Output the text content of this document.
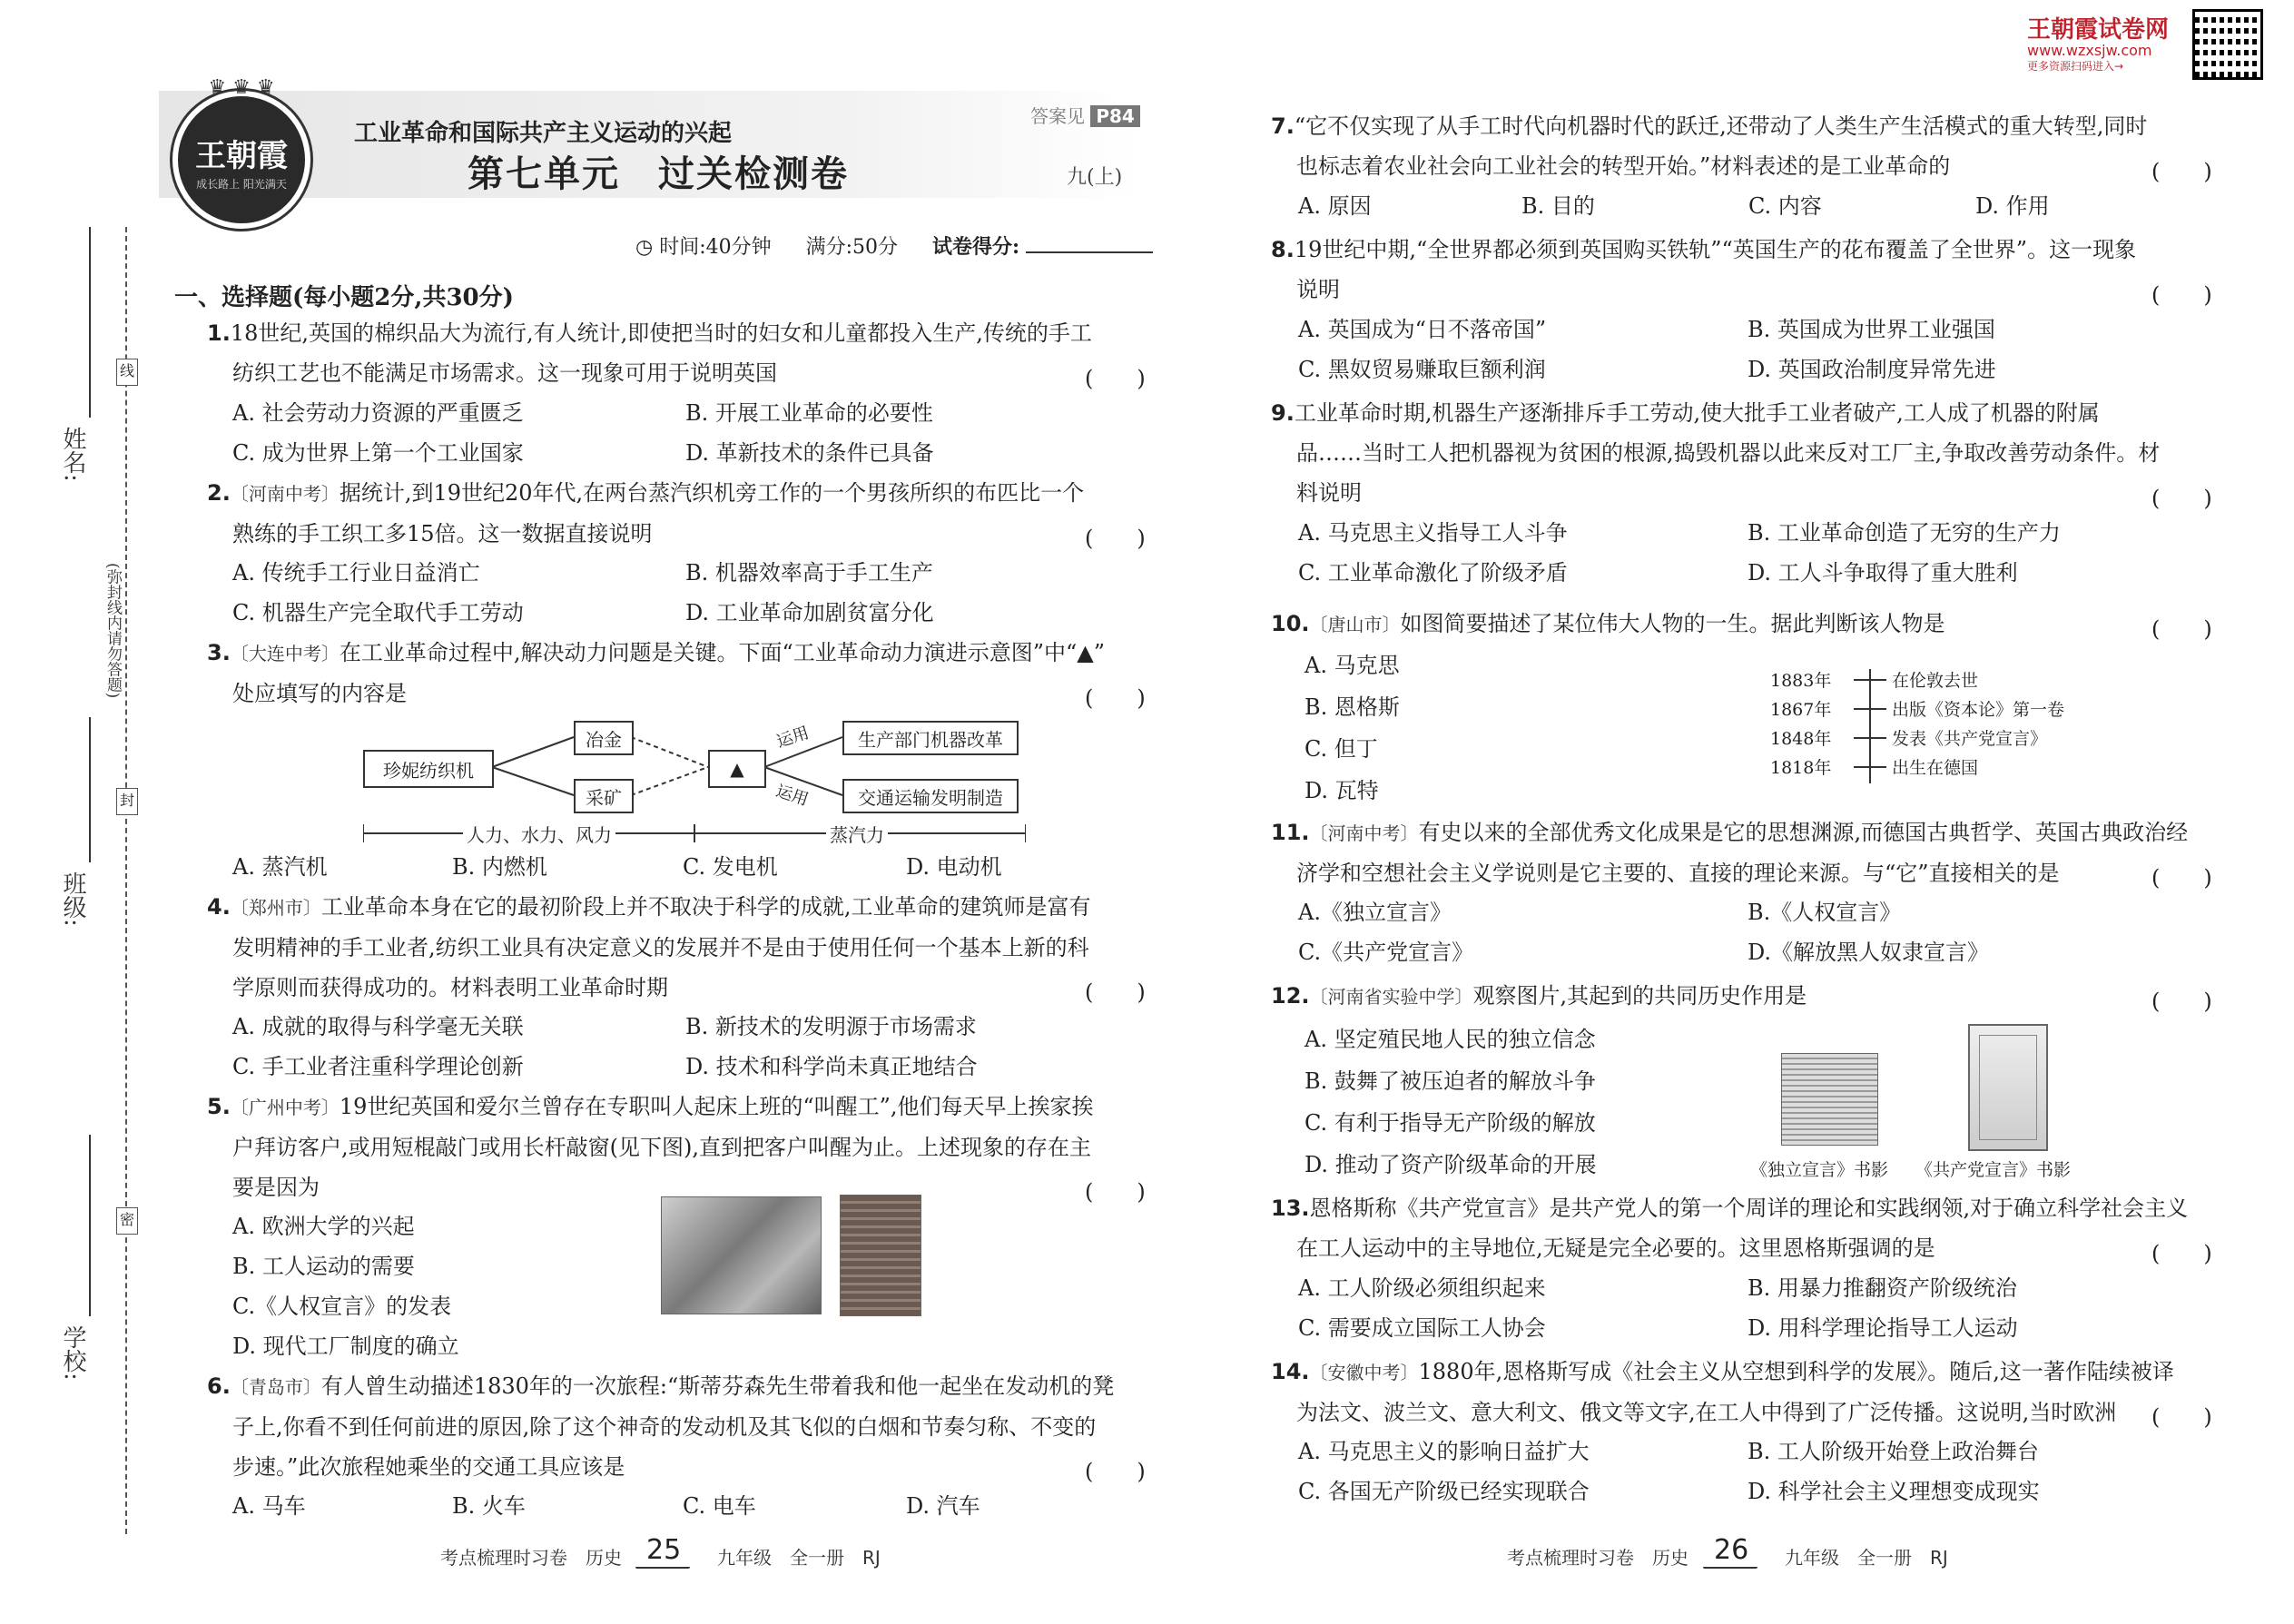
姓名:
班级:
学校:
线
(弥封线内请勿答题)
封
密
♛ ♛ ♛
王朝霞
成长路上 阳光满天
工业革命和国际共产主义运动的兴起
第七单元　过关检测卷
答案见 P84
九(上)
◷ 时间:40分钟 满分:50分 试卷得分:
王朝霞试卷网
www.wzxsjw.com
更多资源扫码进入→
一、选择题(每小题2分,共30分)
1.18世纪,英国的棉织品大为流行,有人统计,即使把当时的妇女和儿童都投入生产,传统的手工
纺织工艺也不能满足市场需求。这一现象可用于说明英国	(　　)
A. 社会劳动力资源的严重匮乏	B. 开展工业革命的必要性
C. 成为世界上第一个工业国家	D. 革新技术的条件已具备
2.〔河南中考〕据统计,到19世纪20年代,在两台蒸汽织机旁工作的一个男孩所织的布匹比一个
熟练的手工织工多15倍。这一数据直接说明	(　　)
A. 传统手工行业日益消亡	B. 机器效率高于手工生产
C. 机器生产完全取代手工劳动	D. 工业革命加剧贫富分化
3.〔大连中考〕在工业革命过程中,解决动力问题是关键。下面“工业革命动力演进示意图”中“▲”
处应填写的内容是	(　　)
珍妮纺织机
冶金
采矿
▲
生产部门机器改革
交通运输发明制造
运用
运用
人力、水力、风力	蒸汽力
A. 蒸汽机	B. 内燃机	C. 发电机	D. 电动机
4.〔郑州市〕工业革命本身在它的最初阶段上并不取决于科学的成就,工业革命的建筑师是富有
发明精神的手工业者,纺织工业具有决定意义的发展并不是由于使用任何一个基本上新的科
学原则而获得成功的。材料表明工业革命时期	(　　)
A. 成就的取得与科学毫无关联	B. 新技术的发明源于市场需求
C. 手工业者注重科学理论创新	D. 技术和科学尚未真正地结合
5.〔广州中考〕19世纪英国和爱尔兰曾存在专职叫人起床上班的“叫醒工”,他们每天早上挨家挨
户拜访客户,或用短棍敲门或用长杆敲窗(见下图),直到把客户叫醒为止。上述现象的存在主
要是因为	(　　)
A. 欧洲大学的兴起
B. 工人运动的需要
C.《人权宣言》的发表
D. 现代工厂制度的确立
6.〔青岛市〕有人曾生动描述1830年的一次旅程:“斯蒂芬森先生带着我和他一起坐在发动机的凳
子上,你看不到任何前进的原因,除了这个神奇的发动机及其飞似的白烟和节奏匀称、不变的
步速。”此次旅程她乘坐的交通工具应该是	(　　)
A. 马车	B. 火车	C. 电车	D. 汽车
考点梳理时习卷　历史 25 九年级　全一册　RJ
7.“它不仅实现了从手工时代向机器时代的跃迁,还带动了人类生产生活模式的重大转型,同时
也标志着农业社会向工业社会的转型开始。”材料表述的是工业革命的	(　　)
A. 原因	B. 目的	C. 内容	D. 作用
8.19世纪中期,“全世界都必须到英国购买铁轨”“英国生产的花布覆盖了全世界”。这一现象
说明	(　　)
A. 英国成为“日不落帝国”	B. 英国成为世界工业强国
C. 黑奴贸易赚取巨额利润	D. 英国政治制度异常先进
9.工业革命时期,机器生产逐渐排斥手工劳动,使大批手工业者破产,工人成了机器的附属
品……当时工人把机器视为贫困的根源,捣毁机器以此来反对工厂主,争取改善劳动条件。材
料说明	(　　)
A. 马克思主义指导工人斗争	B. 工业革命创造了无穷的生产力
C. 工业革命激化了阶级矛盾	D. 工人斗争取得了重大胜利
10.〔唐山市〕如图简要描述了某位伟大人物的一生。据此判断该人物是	(　　)
A. 马克思
B. 恩格斯
C. 但丁
D. 瓦特
1883年	在伦敦去世
1867年	出版《资本论》第一卷
1848年	发表《共产党宣言》
1818年	出生在德国
11.〔河南中考〕有史以来的全部优秀文化成果是它的思想渊源,而德国古典哲学、英国古典政治经
济学和空想社会主义学说则是它主要的、直接的理论来源。与“它”直接相关的是	(　　)
A.《独立宣言》	B.《人权宣言》
C.《共产党宣言》	D.《解放黑人奴隶宣言》
12.〔河南省实验中学〕观察图片,其起到的共同历史作用是	(　　)
A. 坚定殖民地人民的独立信念
B. 鼓舞了被压迫者的解放斗争
C. 有利于指导无产阶级的解放
D. 推动了资产阶级革命的开展	《独立宣言》书影 《共产党宣言》书影
13.恩格斯称《共产党宣言》是共产党人的第一个周详的理论和实践纲领,对于确立科学社会主义
在工人运动中的主导地位,无疑是完全必要的。这里恩格斯强调的是	(　　)
A. 工人阶级必须组织起来	B. 用暴力推翻资产阶级统治
C. 需要成立国际工人协会	D. 用科学理论指导工人运动
14.〔安徽中考〕1880年,恩格斯写成《社会主义从空想到科学的发展》。随后,这一著作陆续被译
为法文、波兰文、意大利文、俄文等文字,在工人中得到了广泛传播。这说明,当时欧洲	(　　)
A. 马克思主义的影响日益扩大	B. 工人阶级开始登上政治舞台
C. 各国无产阶级已经实现联合	D. 科学社会主义理想变成现实
考点梳理时习卷　历史 26 九年级　全一册　RJ
